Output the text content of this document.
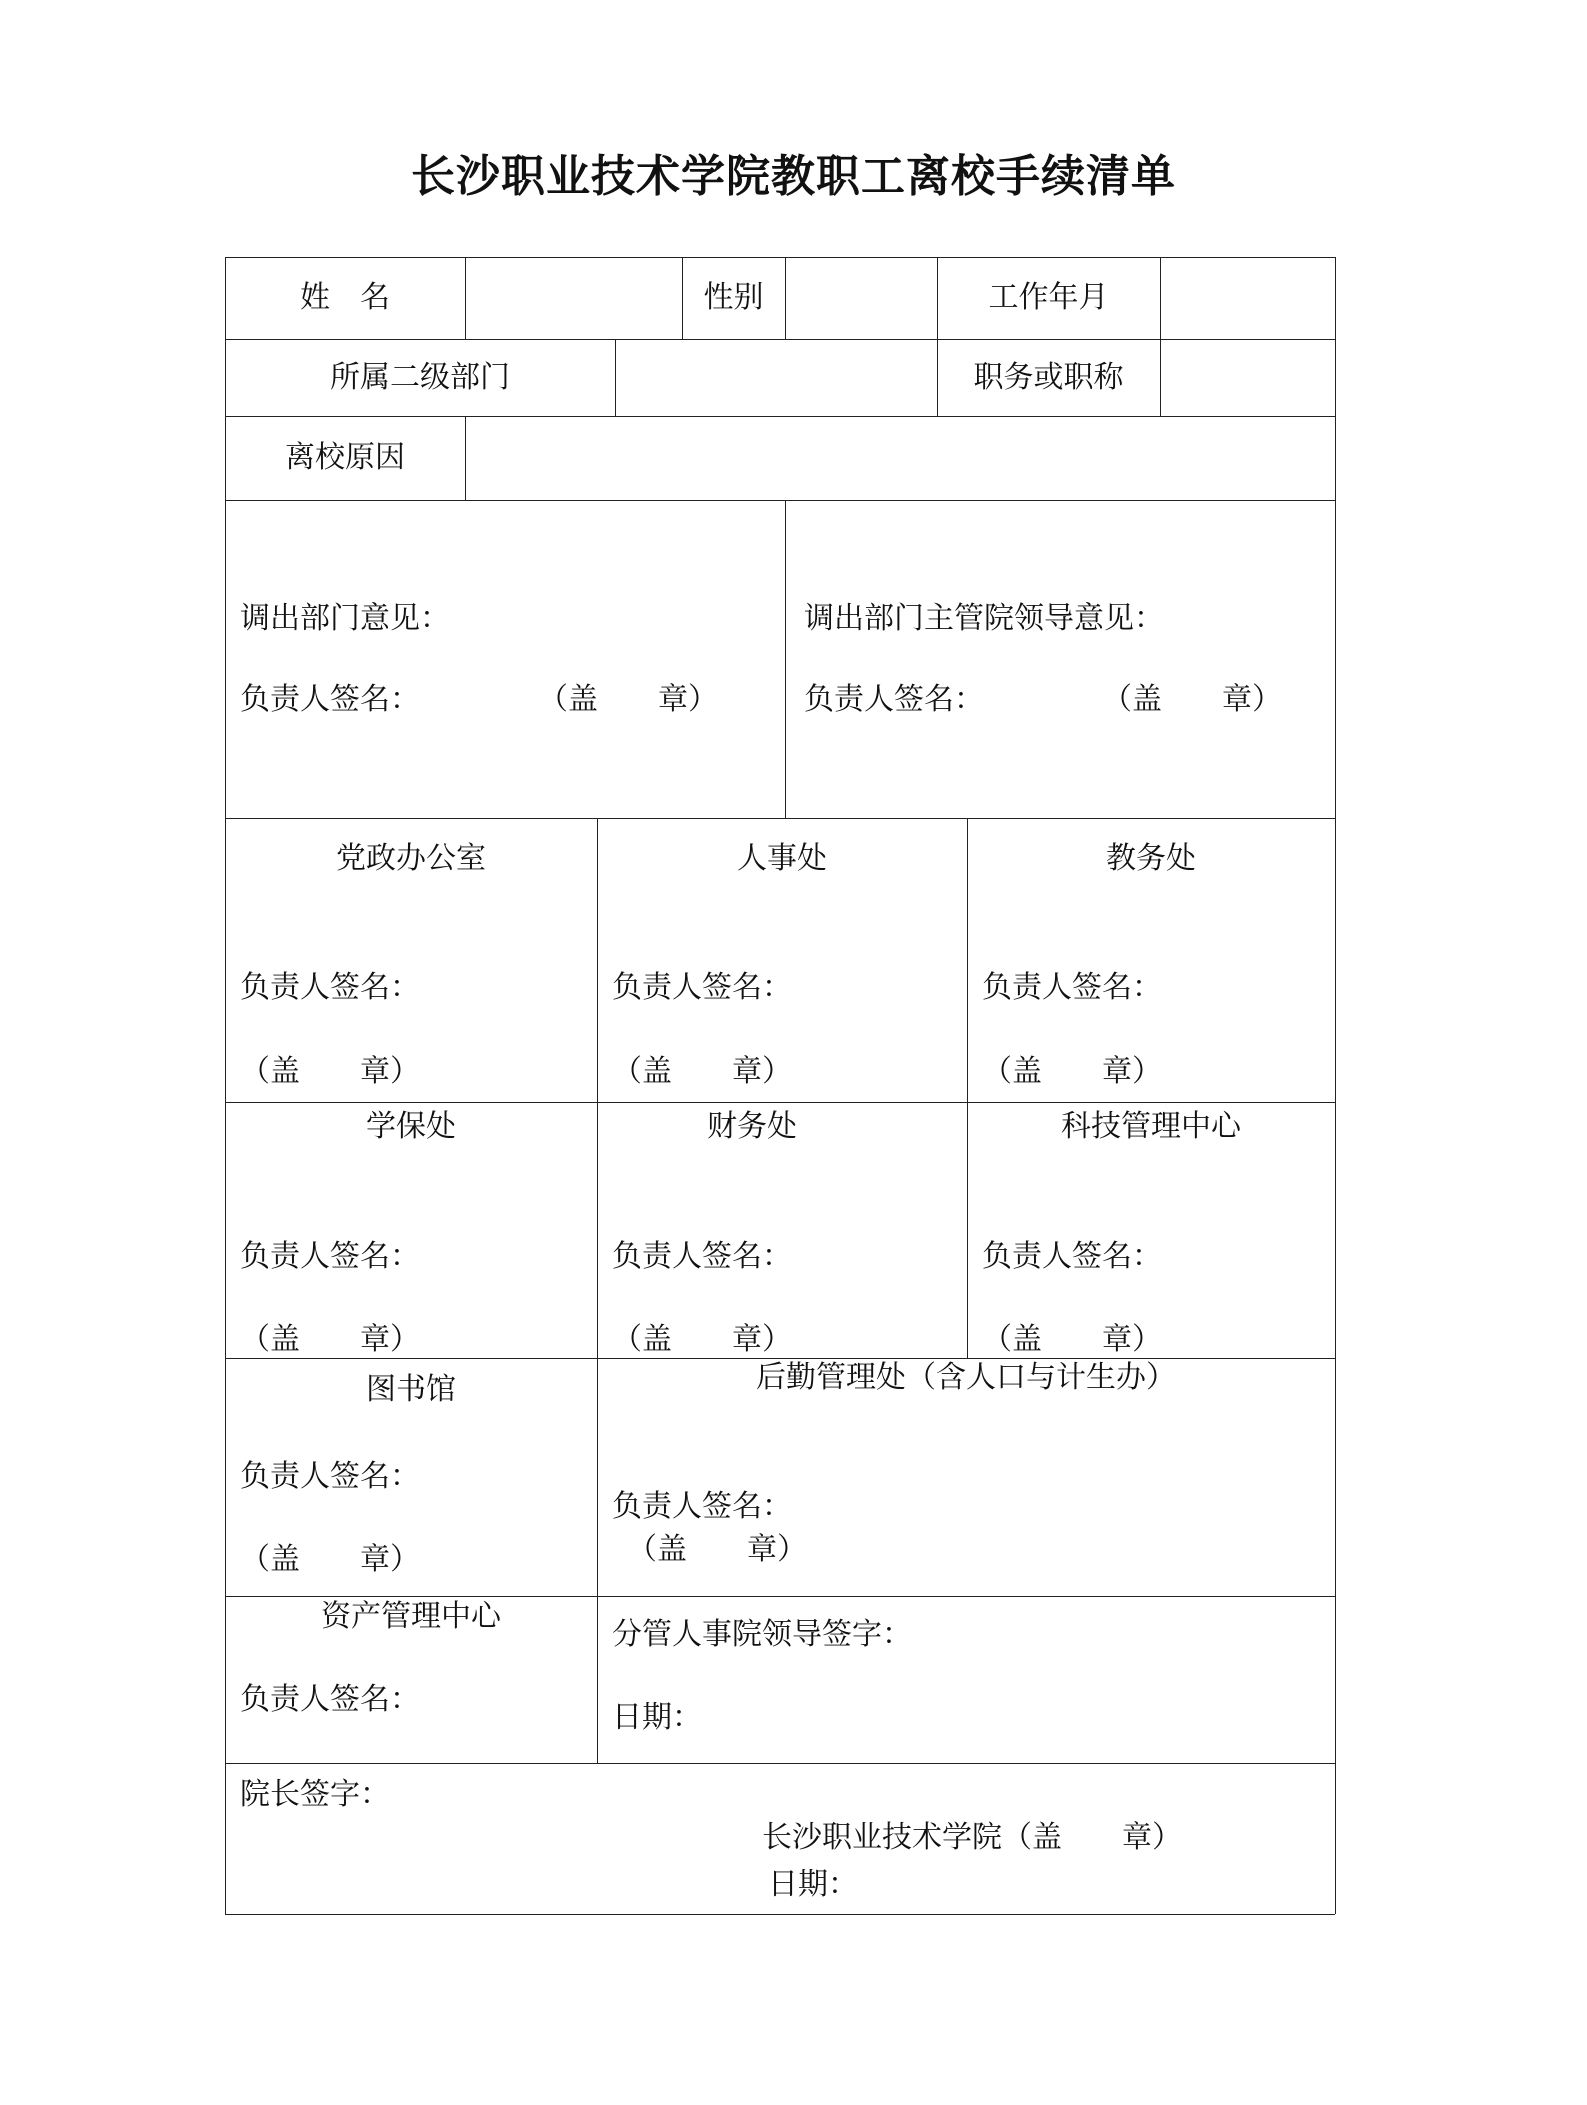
长沙职业技术学院教职工离校手续清单
姓　名	性别	工作年月
所属二级部门	职务或职称
离校原因
调出部门意见：
负责人签名：	（盖　　章）
调出部门主管院领导意见：
负责人签名：	（盖　　章）
党政办公室
负责人签名：
（盖　　章）
人事处
负责人签名：
（盖　　章）
教务处
负责人签名：
（盖　　章）
学保处
负责人签名：
（盖　　章）
财务处
负责人签名：
（盖　　章）
科技管理中心
负责人签名：
（盖　　章）
图书馆
负责人签名：
（盖　　章）
后勤管理处（含人口与计生办）
负责人签名：
（盖　　章）
资产管理中心
负责人签名：
分管人事院领导签字：
日期：
院长签字：
长沙职业技术学院（盖　　章）
日期：
